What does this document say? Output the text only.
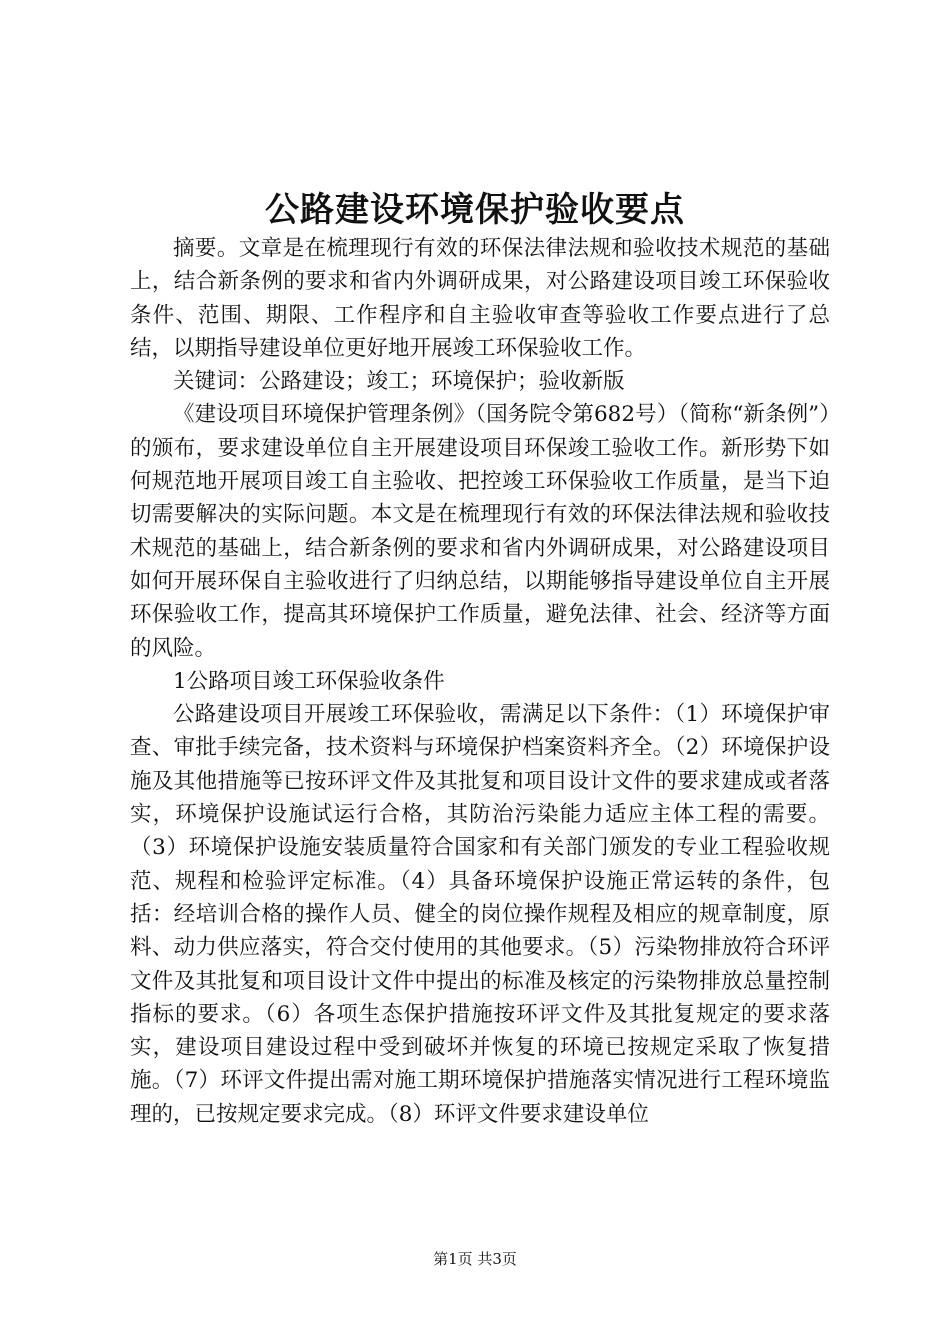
公路建设环境保护验收要点

摘要。文章是在梳理现行有效的环保法律法规和验收技术规范的基础上，结合新条例的要求和省内外调研成果，对公路建设项目竣工环保验收条件、范围、期限、工作程序和自主验收审查等验收工作要点进行了总结，以期指导建设单位更好地开展竣工环保验收工作。

关键词：公路建设；竣工；环境保护；验收新版

《建设项目环境保护管理条例》（国务院令第682号）（简称“新条例”）的颁布，要求建设单位自主开展建设项目环保竣工验收工作。新形势下如何规范地开展项目竣工自主验收、把控竣工环保验收工作质量，是当下迫切需要解决的实际问题。本文是在梳理现行有效的环保法律法规和验收技术规范的基础上，结合新条例的要求和省内外调研成果，对公路建设项目如何开展环保自主验收进行了归纳总结，以期能够指导建设单位自主开展环保验收工作，提高其环境保护工作质量，避免法律、社会、经济等方面的风险。

1公路项目竣工环保验收条件

公路建设项目开展竣工环保验收，需满足以下条件：（1）环境保护审查、审批手续完备，技术资料与环境保护档案资料齐全。（2）环境保护设施及其他措施等已按环评文件及其批复和项目设计文件的要求建成或者落实，环境保护设施试运行合格，其防治污染能力适应主体工程的需要。（3）环境保护设施安装质量符合国家和有关部门颁发的专业工程验收规范、规程和检验评定标准。（4）具备环境保护设施正常运转的条件，包括：经培训合格的操作人员、健全的岗位操作规程及相应的规章制度，原料、动力供应落实，符合交付使用的其他要求。（5）污染物排放符合环评文件及其批复和项目设计文件中提出的标准及核定的污染物排放总量控制指标的要求。（6）各项生态保护措施按环评文件及其批复规定的要求落实，建设项目建设过程中受到破坏并恢复的环境已按规定采取了恢复措施。（7）环评文件提出需对施工期环境保护措施落实情况进行工程环境监理的，已按规定要求完成。（8）环评文件要求建设单位

第1页 共3页
